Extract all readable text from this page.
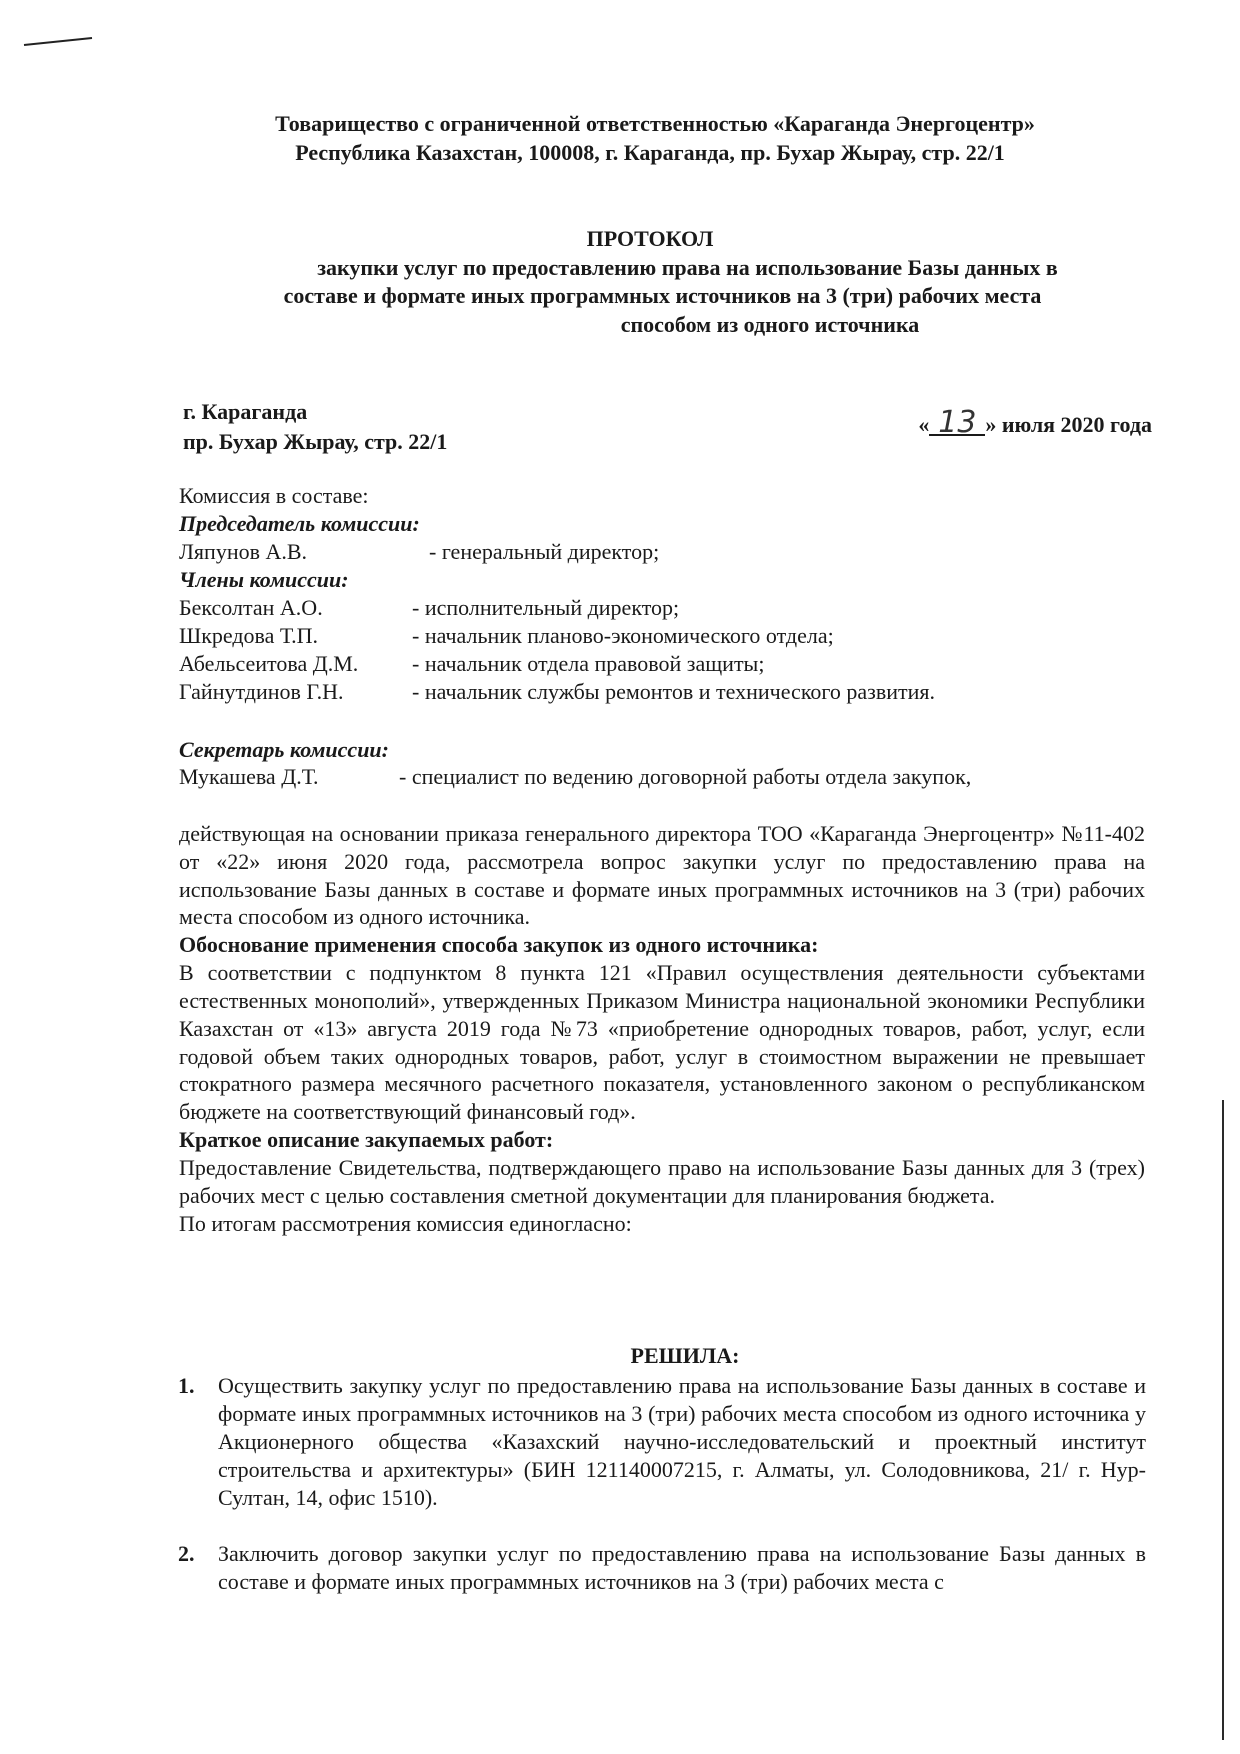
Товарищество с ограниченной ответственностью «Караганда Энергоцентр»
Республика Казахстан, 100008, г. Караганда, пр. Бухар Жырау, стр. 22/1
ПРОТОКОЛ
закупки услуг по предоставлению права на использование Базы данных в
составе и формате иных программных источников на 3 (три) рабочих места
способом из одного источника
г. Караганда
пр. Бухар Жырау, стр. 22/1
« 13 » июля 2020 года
Комиссия в составе:
Председатель комиссии:
Ляпунов А.В.	- генеральный директор;
Члены комиссии:
Бексолтан А.О.	- исполнительный директор;
Шкредова Т.П.	- начальник планово-экономического отдела;
Абельсеитова Д.М.	- начальник отдела правовой защиты;
Гайнутдинов Г.Н.	- начальник службы ремонтов и технического развития.
Секретарь комиссии:
Мукашева Д.Т.	- специалист по ведению договорной работы отдела закупок,

действующая на основании приказа генерального директора ТОО «Караганда Энергоцентр» №11-402 от «22» июня 2020 года, рассмотрела вопрос закупки услуг по предоставлению права на использование Базы данных в составе и формате иных программных источников на 3 (три) рабочих места способом из одного источника.

Обоснование применения способа закупок из одного источника:

В соответствии с подпунктом 8 пункта 121 «Правил осуществления деятельности субъектами естественных монополий», утвержденных Приказом Министра национальной экономики Республики Казахстан от «13» августа 2019 года №73 «приобретение однородных товаров, работ, услуг, если годовой объем таких однородных товаров, работ, услуг в стоимостном выражении не превышает стократного размера месячного расчетного показателя, установленного законом о республиканском бюджете на соответствующий финансовый год».

Краткое описание закупаемых работ:

Предоставление Свидетельства, подтверждающего право на использование Базы данных для 3 (трех) рабочих мест с целью составления сметной документации для планирования бюджета.

По итогам рассмотрения комиссия единогласно:

РЕШИЛА:
1.	Осуществить закупку услуг по предоставлению права на использование Базы данных в составе и формате иных программных источников на 3 (три) рабочих места способом из одного источника у Акционерного общества «Казахский научно-исследовательский и проектный институт строительства и архитектуры» (БИН 121140007215, г. Алматы, ул. Солодовникова, 21/ г. Нур-Султан, 14, офис 1510).
2.	Заключить договор закупки услуг по предоставлению права на использование Базы данных в составе и формате иных программных источников на 3 (три) рабочих места с
